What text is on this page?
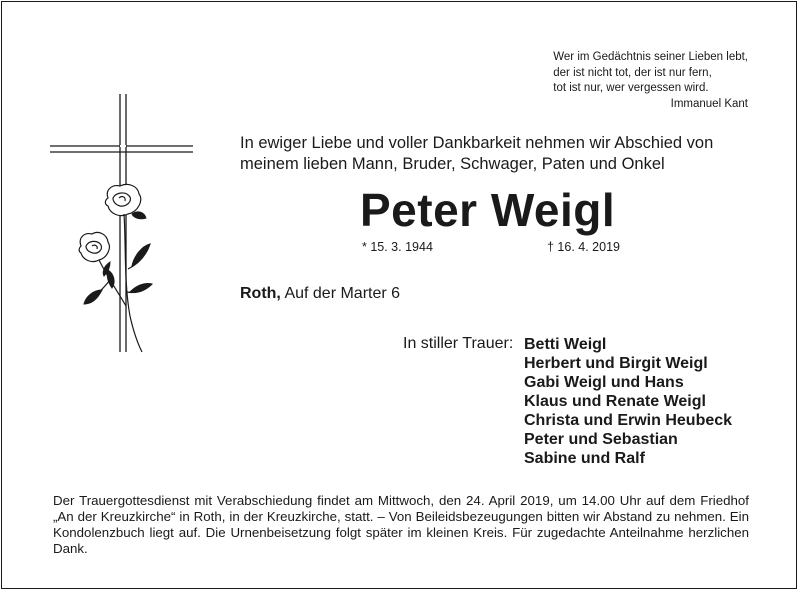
Wer im Gedächtnis seiner Lieben lebt,
der ist nicht tot, der ist nur fern,
tot ist nur, wer vergessen wird.
Immanuel Kant
In ewiger Liebe und voller Dankbarkeit nehmen wir Abschied von meinem lieben Mann, Bruder, Schwager, Paten und Onkel
Peter Weigl
* 15. 3. 1944	† 16. 4. 2019
Roth, Auf der Marter 6
In stiller Trauer: Betti Weigl
Herbert und Birgit Weigl
Gabi Weigl und Hans
Klaus und Renate Weigl
Christa und Erwin Heubeck
Peter und Sebastian
Sabine und Ralf
Der Trauergottesdienst mit Verabschiedung findet am Mittwoch, den 24. April 2019, um 14.00 Uhr auf dem Friedhof „An der Kreuzkirche“ in Roth, in der Kreuzkirche, statt. – Von Beileidsbezeugungen bitten wir Abstand zu nehmen. Ein Kondolenzbuch liegt auf. Die Urnenbeisetzung folgt später im kleinen Kreis. Für zugedachte Anteilnahme herzlichen Dank.
